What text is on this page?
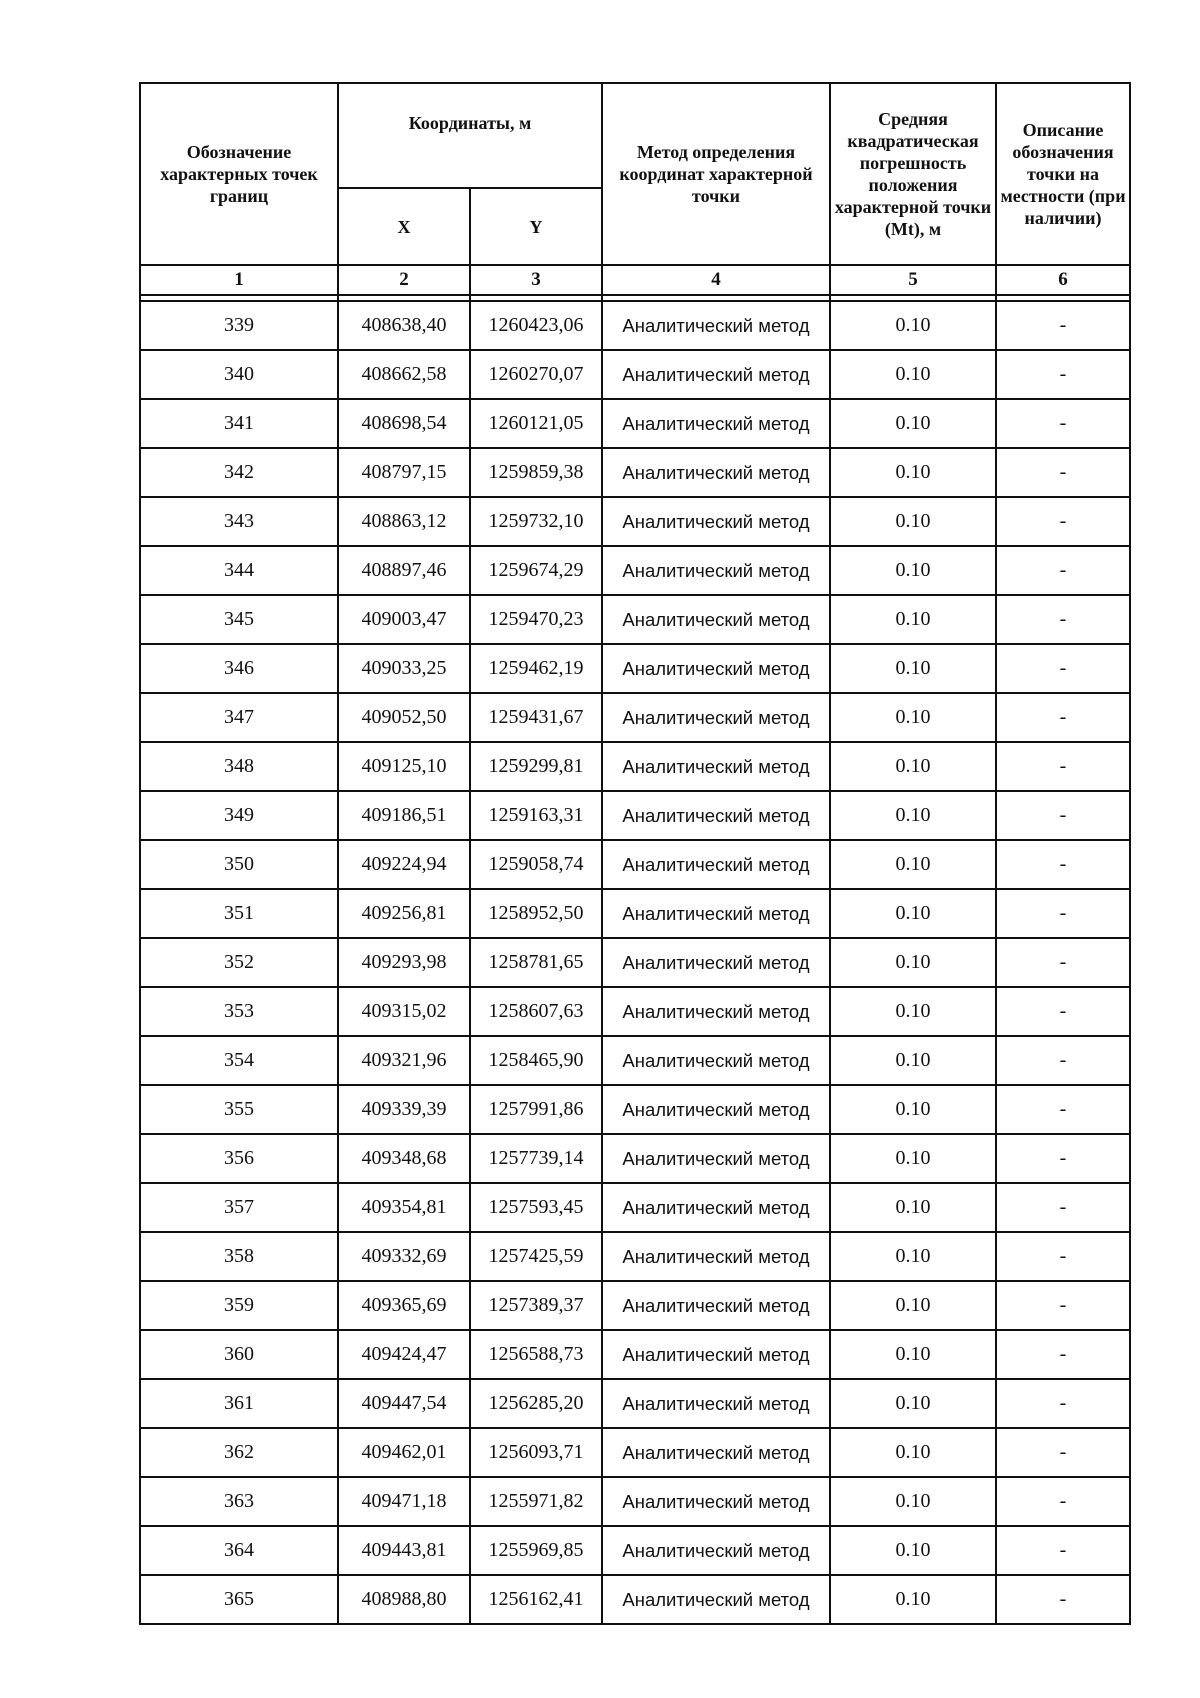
Обозначение характерных точек границ	Координаты, м		Метод определения координат характерной точки	Средняя квадратическая погрешность положения характерной точки (Mt), м	Описание обозначения точки на местности (при наличии)
	X	Y			
1	2	3	4	5	6

339	408638,40	1260423,06	Аналитический метод	0.10	-
340	408662,58	1260270,07	Аналитический метод	0.10	-
341	408698,54	1260121,05	Аналитический метод	0.10	-
342	408797,15	1259859,38	Аналитический метод	0.10	-
343	408863,12	1259732,10	Аналитический метод	0.10	-
344	408897,46	1259674,29	Аналитический метод	0.10	-
345	409003,47	1259470,23	Аналитический метод	0.10	-
346	409033,25	1259462,19	Аналитический метод	0.10	-
347	409052,50	1259431,67	Аналитический метод	0.10	-
348	409125,10	1259299,81	Аналитический метод	0.10	-
349	409186,51	1259163,31	Аналитический метод	0.10	-
350	409224,94	1259058,74	Аналитический метод	0.10	-
351	409256,81	1258952,50	Аналитический метод	0.10	-
352	409293,98	1258781,65	Аналитический метод	0.10	-
353	409315,02	1258607,63	Аналитический метод	0.10	-
354	409321,96	1258465,90	Аналитический метод	0.10	-
355	409339,39	1257991,86	Аналитический метод	0.10	-
356	409348,68	1257739,14	Аналитический метод	0.10	-
357	409354,81	1257593,45	Аналитический метод	0.10	-
358	409332,69	1257425,59	Аналитический метод	0.10	-
359	409365,69	1257389,37	Аналитический метод	0.10	-
360	409424,47	1256588,73	Аналитический метод	0.10	-
361	409447,54	1256285,20	Аналитический метод	0.10	-
362	409462,01	1256093,71	Аналитический метод	0.10	-
363	409471,18	1255971,82	Аналитический метод	0.10	-
364	409443,81	1255969,85	Аналитический метод	0.10	-
365	408988,80	1256162,41	Аналитический метод	0.10	-
